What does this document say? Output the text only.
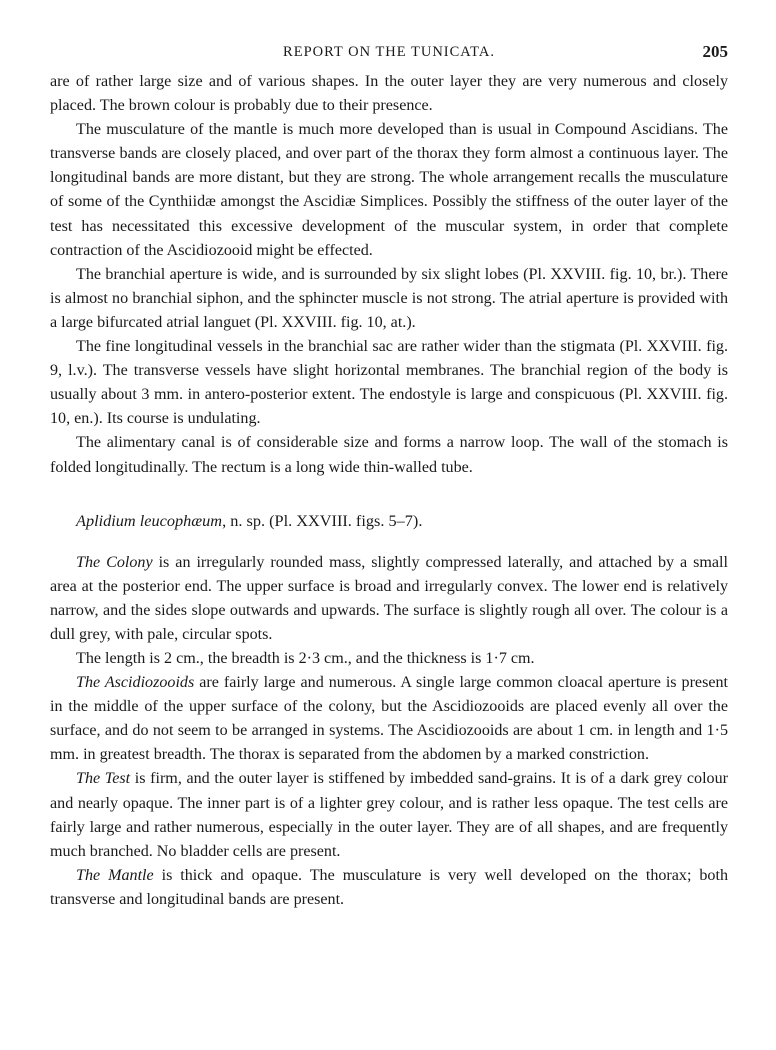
REPORT ON THE TUNICATA.	205

are of rather large size and of various shapes. In the outer layer they are very numerous and closely placed. The brown colour is probably due to their presence.

The musculature of the mantle is much more developed than is usual in Compound Ascidians. The transverse bands are closely placed, and over part of the thorax they form almost a continuous layer. The longitudinal bands are more distant, but they are strong. The whole arrangement recalls the musculature of some of the Cynthiidæ amongst the Ascidiæ Simplices. Possibly the stiffness of the outer layer of the test has necessitated this excessive development of the muscular system, in order that complete contraction of the Ascidiozooid might be effected.

The branchial aperture is wide, and is surrounded by six slight lobes (Pl. XXVIII. fig. 10, br.). There is almost no branchial siphon, and the sphincter muscle is not strong. The atrial aperture is provided with a large bifurcated atrial languet (Pl. XXVIII. fig. 10, at.).

The fine longitudinal vessels in the branchial sac are rather wider than the stigmata (Pl. XXVIII. fig. 9, l.v.). The transverse vessels have slight horizontal membranes. The branchial region of the body is usually about 3 mm. in antero-posterior extent. The endostyle is large and conspicuous (Pl. XXVIII. fig. 10, en.). Its course is undulating.

The alimentary canal is of considerable size and forms a narrow loop. The wall of the stomach is folded longitudinally. The rectum is a long wide thin-walled tube.

Aplidium leucophæum, n. sp. (Pl. XXVIII. figs. 5–7).

The Colony is an irregularly rounded mass, slightly compressed laterally, and attached by a small area at the posterior end. The upper surface is broad and irregularly convex. The lower end is relatively narrow, and the sides slope outwards and upwards. The surface is slightly rough all over. The colour is a dull grey, with pale, circular spots.

The length is 2 cm., the breadth is 2·3 cm., and the thickness is 1·7 cm.

The Ascidiozooids are fairly large and numerous. A single large common cloacal aperture is present in the middle of the upper surface of the colony, but the Ascidiozooids are placed evenly all over the surface, and do not seem to be arranged in systems. The Ascidiozooids are about 1 cm. in length and 1·5 mm. in greatest breadth. The thorax is separated from the abdomen by a marked constriction.

The Test is firm, and the outer layer is stiffened by imbedded sand-grains. It is of a dark grey colour and nearly opaque. The inner part is of a lighter grey colour, and is rather less opaque. The test cells are fairly large and rather numerous, especially in the outer layer. They are of all shapes, and are frequently much branched. No bladder cells are present.

The Mantle is thick and opaque. The musculature is very well developed on the thorax; both transverse and longitudinal bands are present.
